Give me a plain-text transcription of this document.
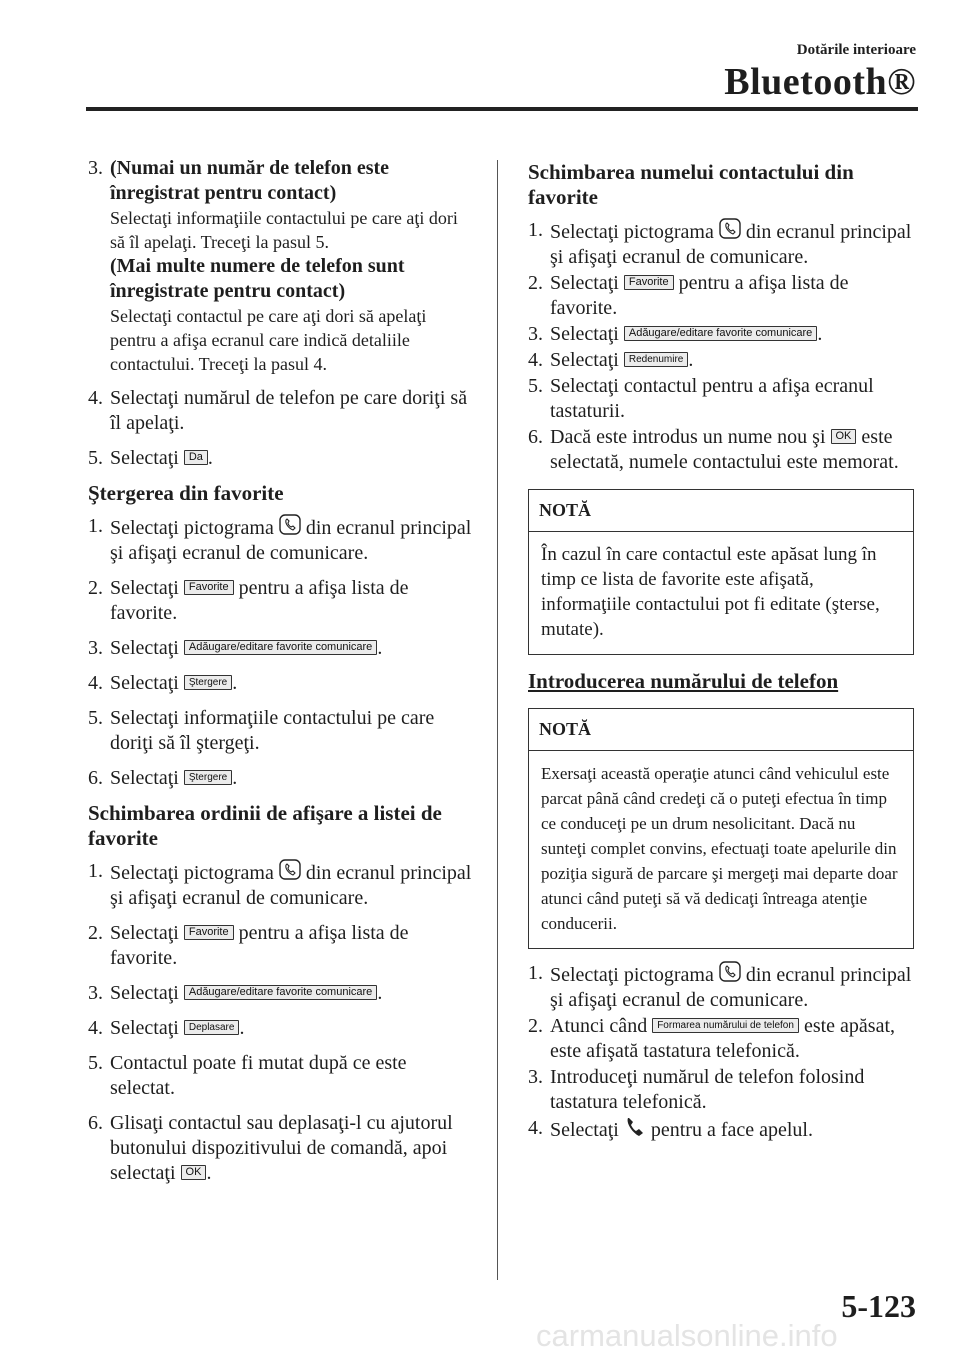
Dotările interioare
Bluetooth®
3. (Numai un număr de telefon este înregistrat pentru contact)
Selectaţi informaţiile contactului pe care aţi dori să îl apelaţi. Treceţi la pasul 5.
(Mai multe numere de telefon sunt înregistrate pentru contact)
Selectaţi contactul pe care aţi dori să apelaţi pentru a afişa ecranul care indică detaliile contactului. Treceţi la pasul 4.
4. Selectaţi numărul de telefon pe care doriţi să îl apelaţi.
5. Selectaţi Da .
Ştergerea din favorite
1. Selectaţi pictograma din ecranul principal şi afişaţi ecranul de comunicare.
2. Selectaţi Favorite pentru a afişa lista de favorite.
3. Selectaţi Adăugare/editare favorite comunicare .
4. Selectaţi Ştergere .
5. Selectaţi informaţiile contactului pe care doriţi să îl ştergeţi.
6. Selectaţi Ştergere .
Schimbarea ordinii de afişare a listei de favorite
1. Selectaţi pictograma din ecranul principal şi afişaţi ecranul de comunicare.
2. Selectaţi Favorite pentru a afişa lista de favorite.
3. Selectaţi Adăugare/editare favorite comunicare .
4. Selectaţi Deplasare .
5. Contactul poate fi mutat după ce este selectat.
6. Glisaţi contactul sau deplasaţi-l cu ajutorul butonului dispozitivului de comandă, apoi selectaţi OK .
Schimbarea numelui contactului din favorite
1. Selectaţi pictograma din ecranul principal şi afişaţi ecranul de comunicare.
2. Selectaţi Favorite pentru a afişa lista de favorite.
3. Selectaţi Adăugare/editare favorite comunicare .
4. Selectaţi Redenumire .
5. Selectaţi contactul pentru a afişa ecranul tastaturii.
6. Dacă este introdus un nume nou şi OK este selectată, numele contactului este memorat.
NOTĂ
În cazul în care contactul este apăsat lung în timp ce lista de favorite este afişată, informaţiile contactului pot fi editate (şterse, mutate).
Introducerea numărului de telefon
NOTĂ
Exersaţi această operaţie atunci când vehiculul este parcat până când credeţi că o puteţi efectua în timp ce conduceţi pe un drum nesolicitant. Dacă nu sunteţi complet convins, efectuaţi toate apelurile din poziţia sigură de parcare şi mergeţi mai departe doar atunci când puteţi să vă dedicaţi întreaga atenţie conducerii.
1. Selectaţi pictograma din ecranul principal şi afişaţi ecranul de comunicare.
2. Atunci când Formarea numărului de telefon este apăsat, este afişată tastatura telefonică.
3. Introduceţi numărul de telefon folosind tastatura telefonică.
4. Selectaţi pentru a face apelul.
5-123
carmanualsonline.info
